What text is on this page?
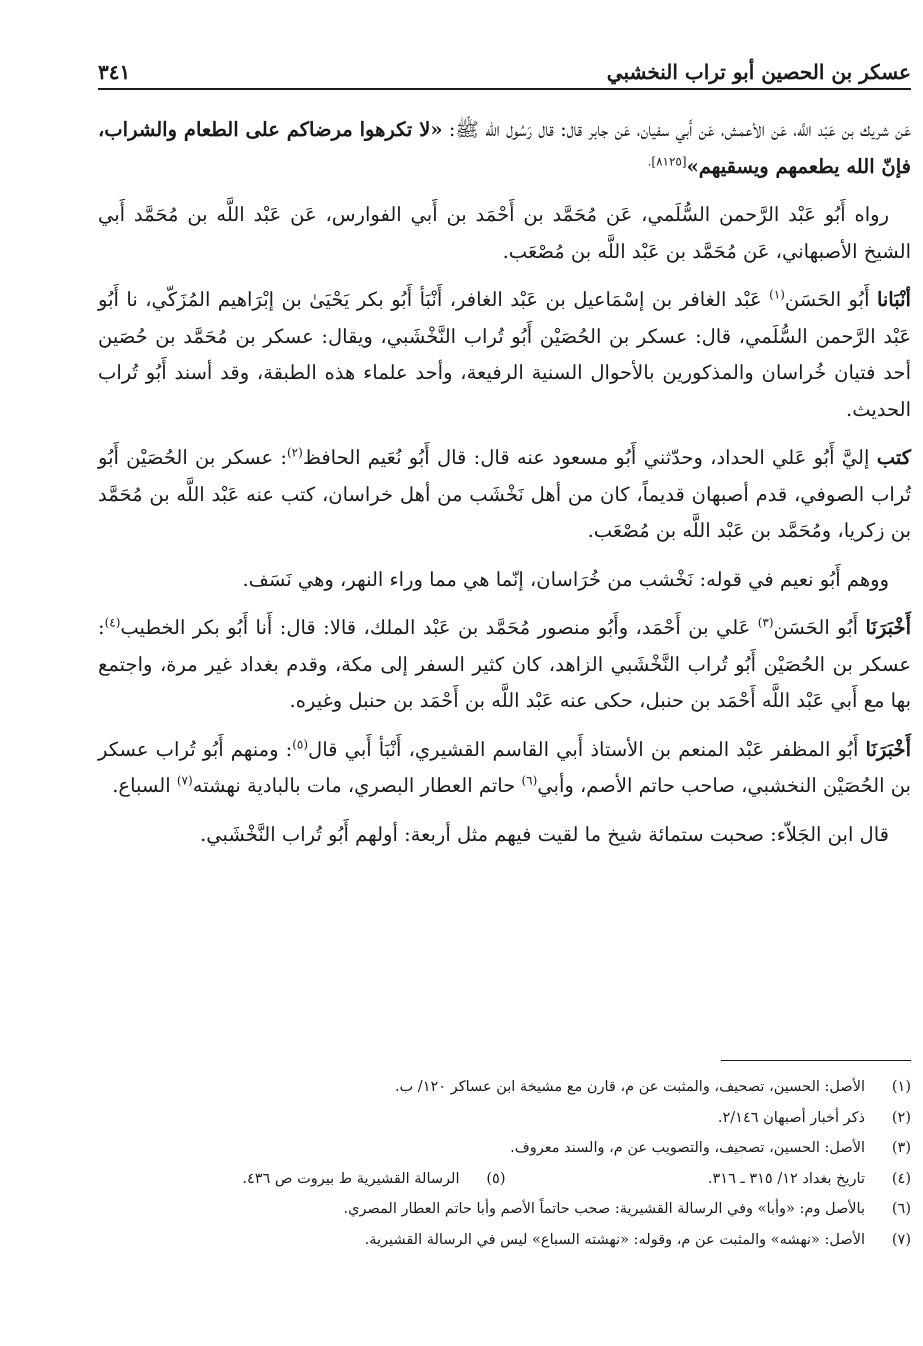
عسكر بن الحصين أبو تراب النخشبي
٣٤١

عَن شريك بن عَبْد اللَّه، عَن الأعمش، عَن أَبي سفيان، عَن جابر قال: قال رَسُول الله ﷺ: «لا تكرهوا مرضاكم على الطعام والشراب، فإنّ الله يطعمهم ويسقيهم»$^{[٨١٢٥].}$

رواه أَبُو عَبْد الرَّحمن السُّلَمي، عَن مُحَمَّد بن أَحْمَد بن أَبي الفوارس، عَن عَبْد اللَّه بن مُحَمَّد أَبي الشيخ الأصبهاني، عَن مُحَمَّد بن عَبْد اللَّه بن مُصْعَب.

أنْبَانا أَبُو الحَسَن$^{(١)}$ عَبْد الغافر بن إسْمَاعيل بن عَبْد الغافر، أَنْبَأ أَبُو بكر يَحْيَىٰ بن إبْرَاهيم المُزَكّي، نا أَبُو عَبْد الرَّحمن السُّلَمي، قال: عسكر بن الحُصَيْن أَبُو تُراب النَّخْشَبي، ويقال: عسكر بن مُحَمَّد بن حُصَين أحد فتيان خُراسان والمذكورين بالأحوال السنية الرفيعة، وأحد علماء هذه الطبقة، وقد أسند أَبُو تُراب الحديث.

كتب إليَّ أَبُو عَلي الحداد، وحدّثني أَبُو مسعود عنه قال: قال أَبُو نُعَيم الحافظ$^{(٢)}$: عسكر بن الحُصَيْن أَبُو تُراب الصوفي، قدم أصبهان قديماً، كان من أهل نَخْشَب من أهل خراسان، كتب عنه عَبْد اللَّه بن مُحَمَّد بن زكريا، ومُحَمَّد بن عَبْد اللَّه بن مُصْعَب.

ووهم أَبُو نعيم في قوله: نَخْشب من خُرَاسان، إنّما هي مما وراء النهر، وهي نَسَف.

أَخْبَرَنَا أَبُو الحَسَن$^{(٣)}$ عَلي بن أَحْمَد، وأَبُو منصور مُحَمَّد بن عَبْد الملك، قالا: قال: أَنا أَبُو بكر الخطيب$^{(٤)}$: عسكر بن الحُصَيْن أَبُو تُراب النَّخْشَبي الزاهد، كان كثير السفر إلى مكة، وقدم بغداد غير مرة، واجتمع بها مع أَبي عَبْد اللَّه أَحْمَد بن حنبل، حكى عنه عَبْد اللَّه بن أَحْمَد بن حنبل وغيره.

أَخْبَرَنَا أَبُو المظفر عَبْد المنعم بن الأستاذ أَبي القاسم القشيري، أَنْبَأ أَبي قال$^{(٥)}$: ومنهم أَبُو تُراب عسكر بن الحُصَيْن النخشبي، صاحب حاتم الأصم، وأبي$^{(٦)}$ حاتم العطار البصري، مات بالبادية نهشته$^{(٧)}$ السباع.

قال ابن الجَلاّء: صحبت ستمائة شيخ ما لقيت فيهم مثل أربعة: أولهم أَبُو تُراب النَّخْشَبي.

(١)
الأصل: الحسين، تصحيف، والمثبت عن م، قارن مع مشيخة ابن عساكر ١٢٠/ ب.
(٢)
ذكر أخبار أصبهان ٢/١٤٦.
(٣)
الأصل: الحسين، تصحيف، والتصويب عن م، والسند معروف.
(٤)
تاريخ بغداد ١٢/ ٣١٥ ـ ٣١٦.
(٥)
الرسالة القشيرية ط بيروت ص ٤٣٦.
(٦)
بالأصل وم: «وأبا» وفي الرسالة القشيرية: صحب حاتماً الأصم وأبا حاتم العطار المصري.
(٧)
الأصل: «نهشه» والمثبت عن م، وقوله: «نهشته السباع» ليس في الرسالة القشيرية.
